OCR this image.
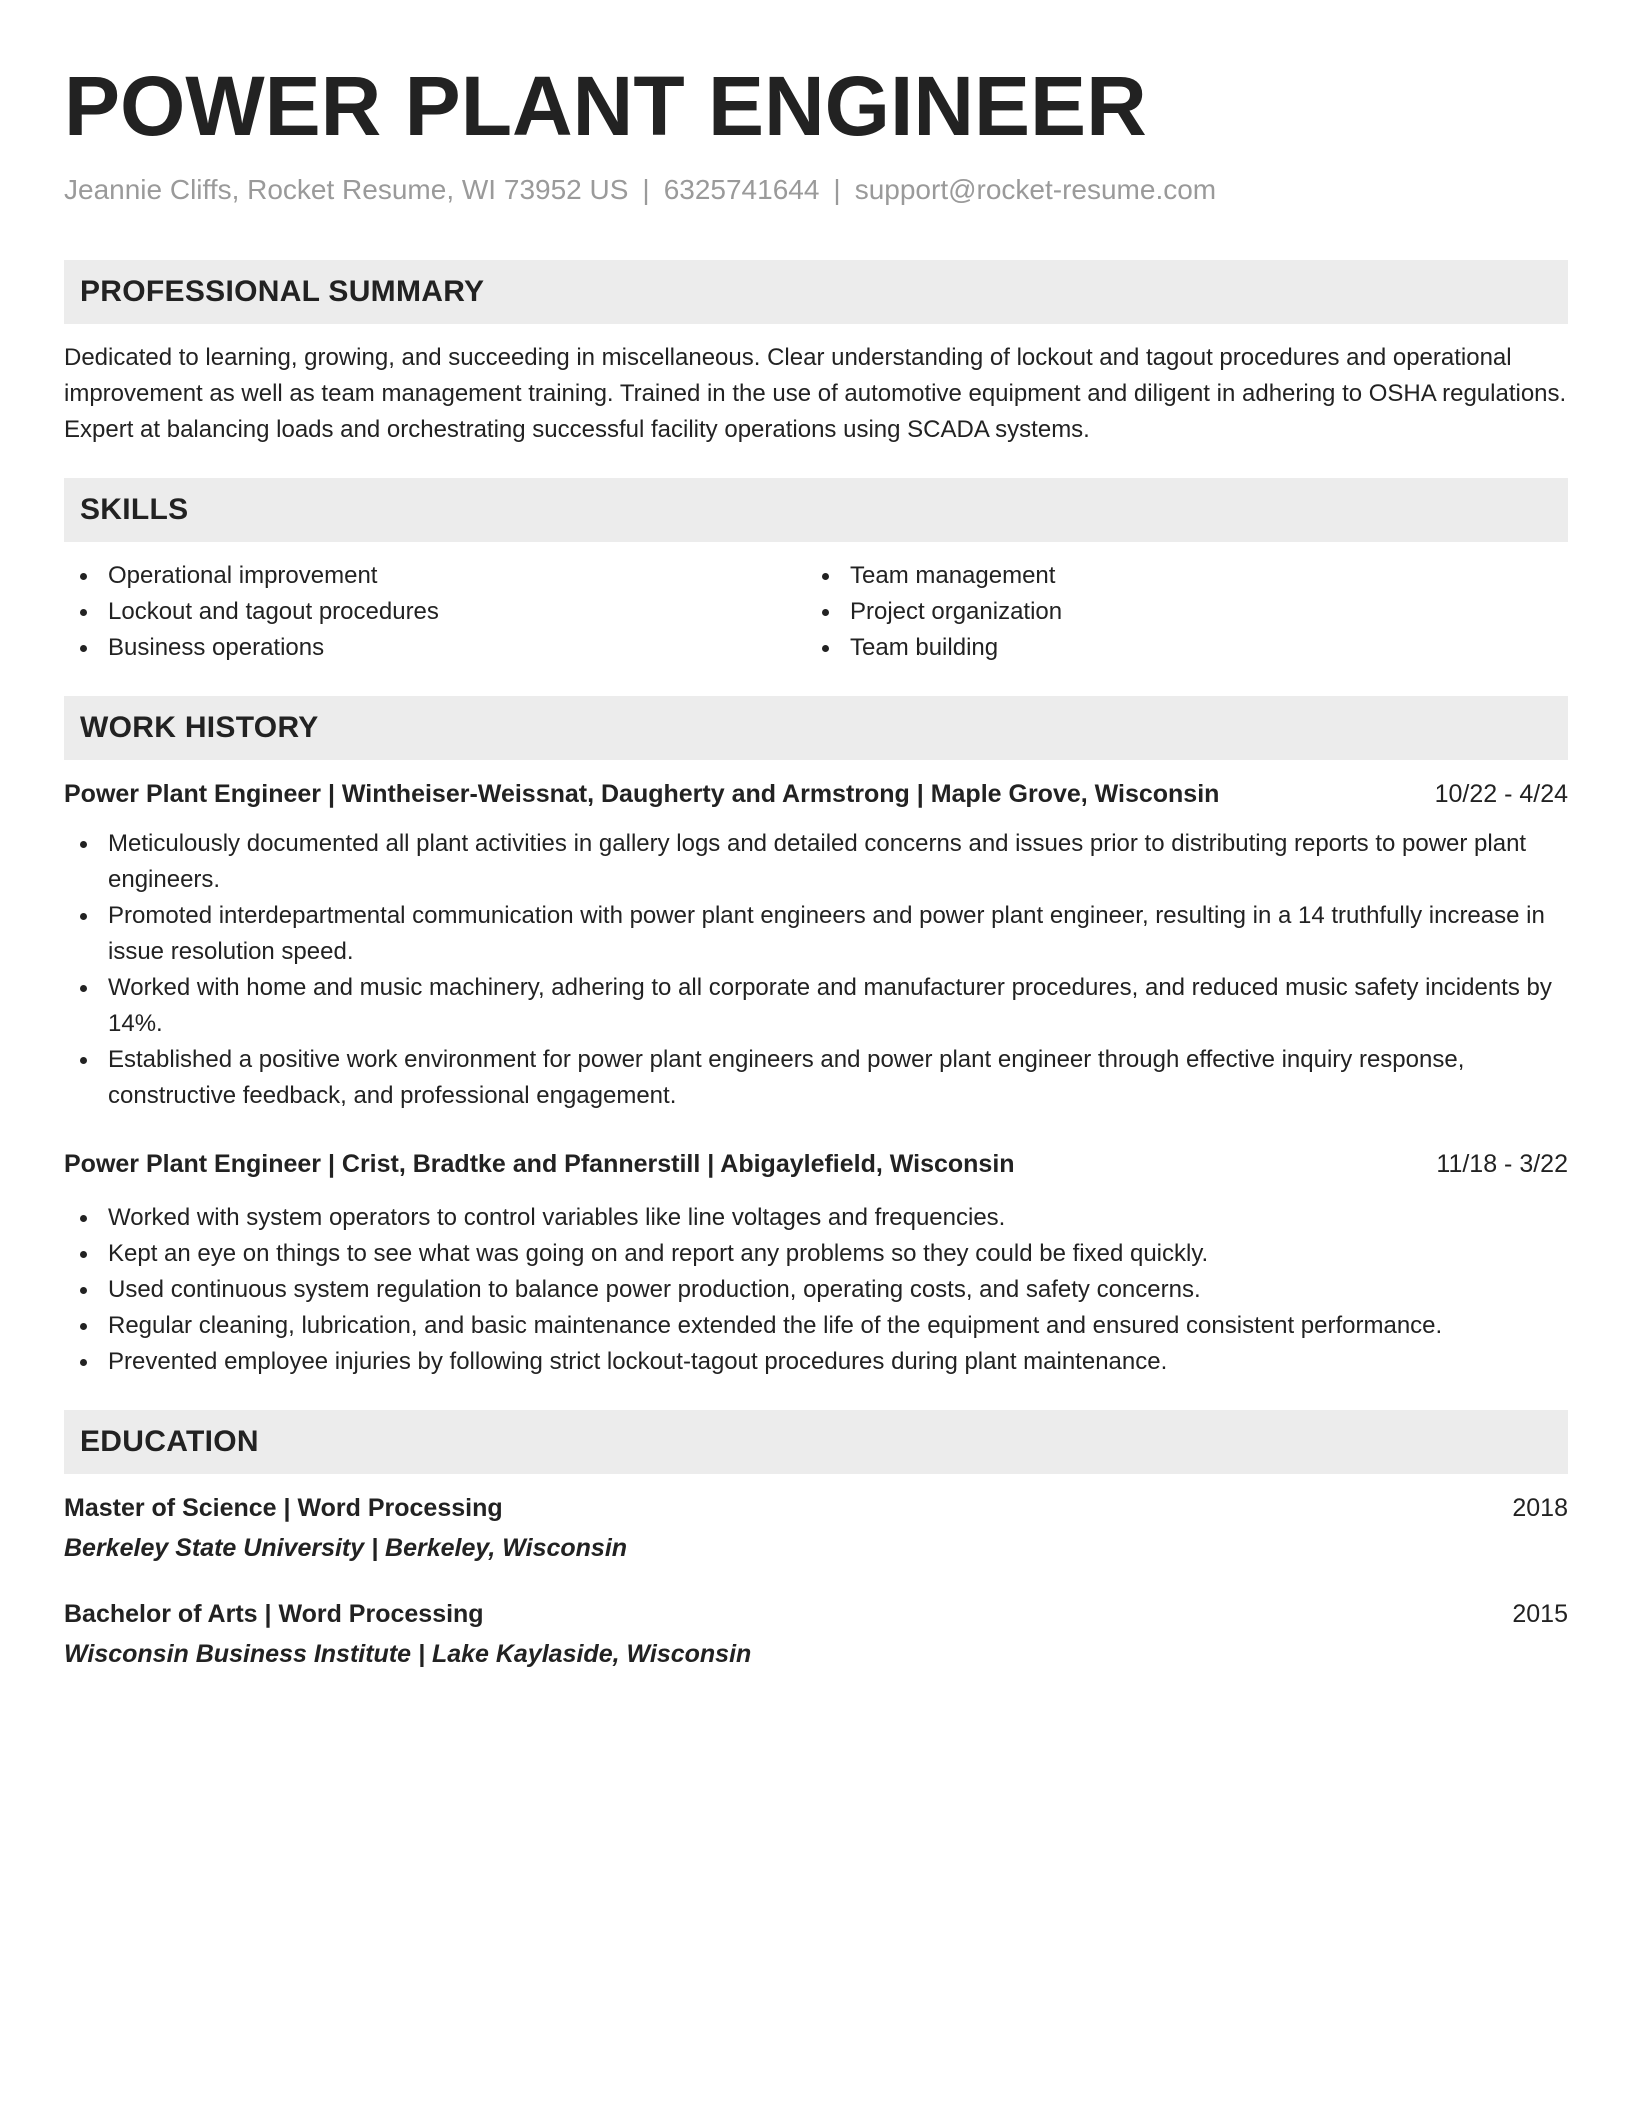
POWER PLANT ENGINEER
Jeannie Cliffs, Rocket Resume, WI 73952 US | 6325741644 | support@rocket-resume.com
PROFESSIONAL SUMMARY
Dedicated to learning, growing, and succeeding in miscellaneous. Clear understanding of lockout and tagout procedures and operational improvement as well as team management training. Trained in the use of automotive equipment and diligent in adhering to OSHA regulations. Expert at balancing loads and orchestrating successful facility operations using SCADA systems.
SKILLS
Operational improvement
Lockout and tagout procedures
Business operations
Team management
Project organization
Team building
WORK HISTORY
Power Plant Engineer | Wintheiser-Weissnat, Daugherty and Armstrong | Maple Grove, Wisconsin	10/22 - 4/24
Meticulously documented all plant activities in gallery logs and detailed concerns and issues prior to distributing reports to power plant engineers.
Promoted interdepartmental communication with power plant engineers and power plant engineer, resulting in a 14 truthfully increase in issue resolution speed.
Worked with home and music machinery, adhering to all corporate and manufacturer procedures, and reduced music safety incidents by 14%.
Established a positive work environment for power plant engineers and power plant engineer through effective inquiry response, constructive feedback, and professional engagement.
Power Plant Engineer | Crist, Bradtke and Pfannerstill | Abigaylefield, Wisconsin	11/18 - 3/22
Worked with system operators to control variables like line voltages and frequencies.
Kept an eye on things to see what was going on and report any problems so they could be fixed quickly.
Used continuous system regulation to balance power production, operating costs, and safety concerns.
Regular cleaning, lubrication, and basic maintenance extended the life of the equipment and ensured consistent performance.
Prevented employee injuries by following strict lockout-tagout procedures during plant maintenance.
EDUCATION
Master of Science | Word Processing	2018
Berkeley State University | Berkeley, Wisconsin
Bachelor of Arts | Word Processing	2015
Wisconsin Business Institute | Lake Kaylaside, Wisconsin
